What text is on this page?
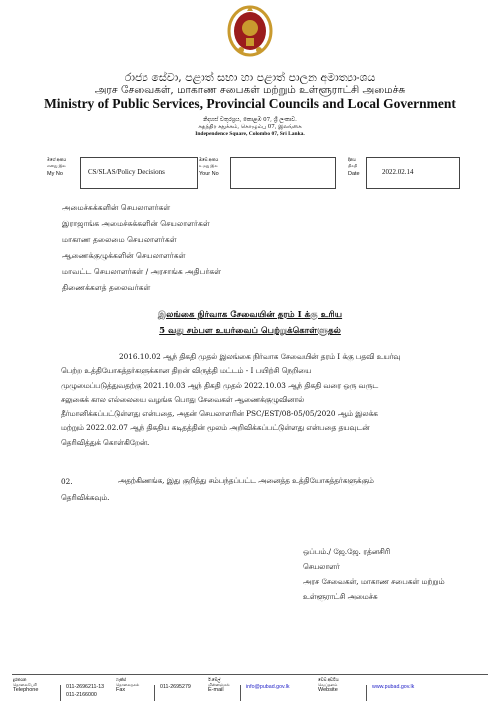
රාජ්‍ය සේවා, පළාත් සභා හා පළාත් පාලන අමාත්‍යාංශය
அரச சேவைகள், மாகாண சபைகள் மற்றும் உள்ளூராட்சி அமைச்சு
Ministry of Public Services, Provincial Councils and Local Government
නිදහස් චතුරශ්‍රය, කොළඹ 07, ශ්‍රී ලංකාව.
சுதந்திர சதுக்கம், கொழும்பு 07, இலங்கை
Independence Square, Colombo 07, Sri Lanka.
මගේ අංකය
எனது இல
My No	CS/SLAS/Policy Decisions
ඔබේ අංකය
உமது இல
Your No
දිනය
திகதி
Date	2022.02.14
அமைச்சுக்களின் செயலாளர்கள்
இராஜாங்க அமைச்சுக்களின் செயலாளர்கள்
மாகாண தலைமை செயலாளர்கள்
ஆணைக்குழுக்களின் செயலாளர்கள்
மாவட்ட செயலாளர்கள் / அரசாங்க அதிபர்கள்
திணைக்களத் தலைவர்கள்
இலங்கை நிர்வாக சேவையின் தரம் I க்கு உரிய
5 வது சம்பள உயர்வைப் பெற்றுக்கொள்ளுதல்
2016.10.02 ஆந் திகதி முதல் இலங்கை நிர்வாக சேவையின் தரம் I க்கு பதவி உயர்வு
பெற்ற உத்தியோகத்தர்களுக்கான திறன் விருத்தி மட்டம் - I பயிற்சி நெறியை
முழுமைப்படுத்துவதற்கு 2021.10.03 ஆந் திகதி முதல் 2022.10.03 ஆந் திகதி வரை ஒரு வருட
சலுகைக் கால எல்லையை வழங்க பொது சேவைகள் ஆணைக்குழுவினால்
தீர்மானிக்கப்பட்டுள்ளது என்பதை, அதன் செயலாளரின் PSC/EST/08-05/05/2020 ஆம் இலக்க
மற்றும் 2022.02.07 ஆந் திகதிய கடிதத்தின் மூலம் அறிவிக்கப்பட்டுள்ளது என்பதை தயவுடன்
தெரிவித்துக் கொள்கிறேன்.
02.	அதற்கிணங்க, இது குறித்து சம்பந்தப்பட்ட அனைத்த உத்தியோகத்தர்களுக்கும்
தெரிவிக்கவும்.
ஒப்பம்./ ஜே.ஜே. ரத்னசிரி
செயலாளர்
அரச சேவைகள், மாகாண சபைகள் மற்றும்
உள்ளூராட்சி அமைச்சு
දුරකථන
தொலைபேசி
Telephone	011-2696211-13
011-2166000
ෆැක්ස්
தொலைநகல்
Fax	011-2695279
ඊ-මේල්
மின்னஞ்சல்
E-mail	info@pubad.gov.lk
වෙබ් අඩවිය
வெப்தளம்
Website	www.pubad.gov.lk
